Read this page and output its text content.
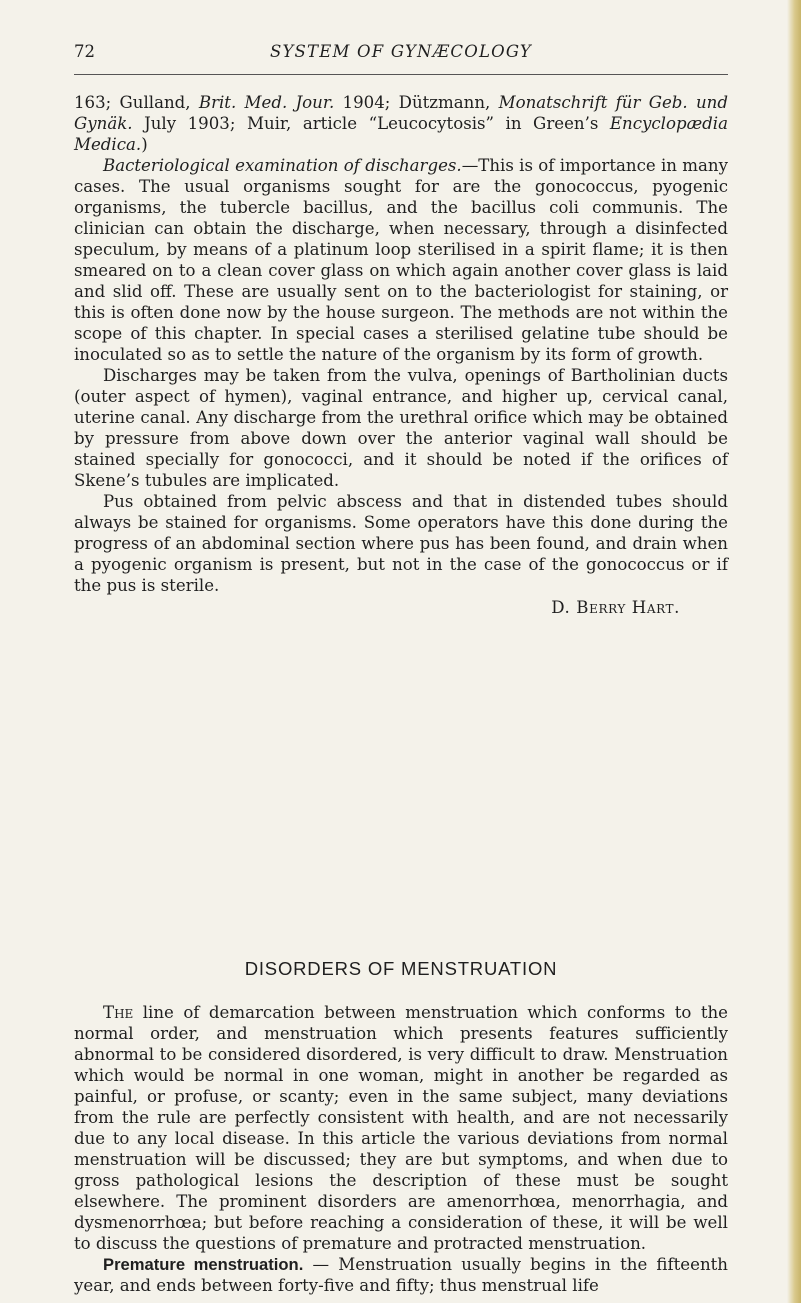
72	SYSTEM OF GYNÆCOLOGY

163; Gulland, Brit. Med. Jour. 1904; Dützmann, Monatschrift für Geb. und Gynäk. July 1903; Muir, article “Leucocytosis” in Green’s Encyclopædia Medica.)

Bacteriological examination of discharges.—This is of importance in many cases. The usual organisms sought for are the gonococcus, pyogenic organisms, the tubercle bacillus, and the bacillus coli communis. The clinician can obtain the discharge, when necessary, through a disinfected speculum, by means of a platinum loop sterilised in a spirit flame; it is then smeared on to a clean cover glass on which again another cover glass is laid and slid off. These are usually sent on to the bacteriologist for staining, or this is often done now by the house surgeon. The methods are not within the scope of this chapter. In special cases a sterilised gelatine tube should be inoculated so as to settle the nature of the organism by its form of growth.

Discharges may be taken from the vulva, openings of Bartholinian ducts (outer aspect of hymen), vaginal entrance, and higher up, cervical canal, uterine canal. Any discharge from the urethral orifice which may be obtained by pressure from above down over the anterior vaginal wall should be stained specially for gonococci, and it should be noted if the orifices of Skene’s tubules are implicated.

Pus obtained from pelvic abscess and that in distended tubes should always be stained for organisms. Some operators have this done during the progress of an abdominal section where pus has been found, and drain when a pyogenic organism is present, but not in the case of the gonococcus or if the pus is sterile.

D. Berry Hart.
DISORDERS OF MENSTRUATION

The line of demarcation between menstruation which conforms to the normal order, and menstruation which presents features sufficiently abnormal to be considered disordered, is very difficult to draw. Menstruation which would be normal in one woman, might in another be regarded as painful, or profuse, or scanty; even in the same subject, many deviations from the rule are perfectly consistent with health, and are not necessarily due to any local disease. In this article the various deviations from normal menstruation will be discussed; they are but symptoms, and when due to gross pathological lesions the description of these must be sought elsewhere. The prominent disorders are amenorrhœa, menorrhagia, and dysmenorrhœa; but before reaching a consideration of these, it will be well to discuss the questions of premature and protracted menstruation.

Premature menstruation. — Menstruation usually begins in the fifteenth year, and ends between forty-five and fifty; thus menstrual life
